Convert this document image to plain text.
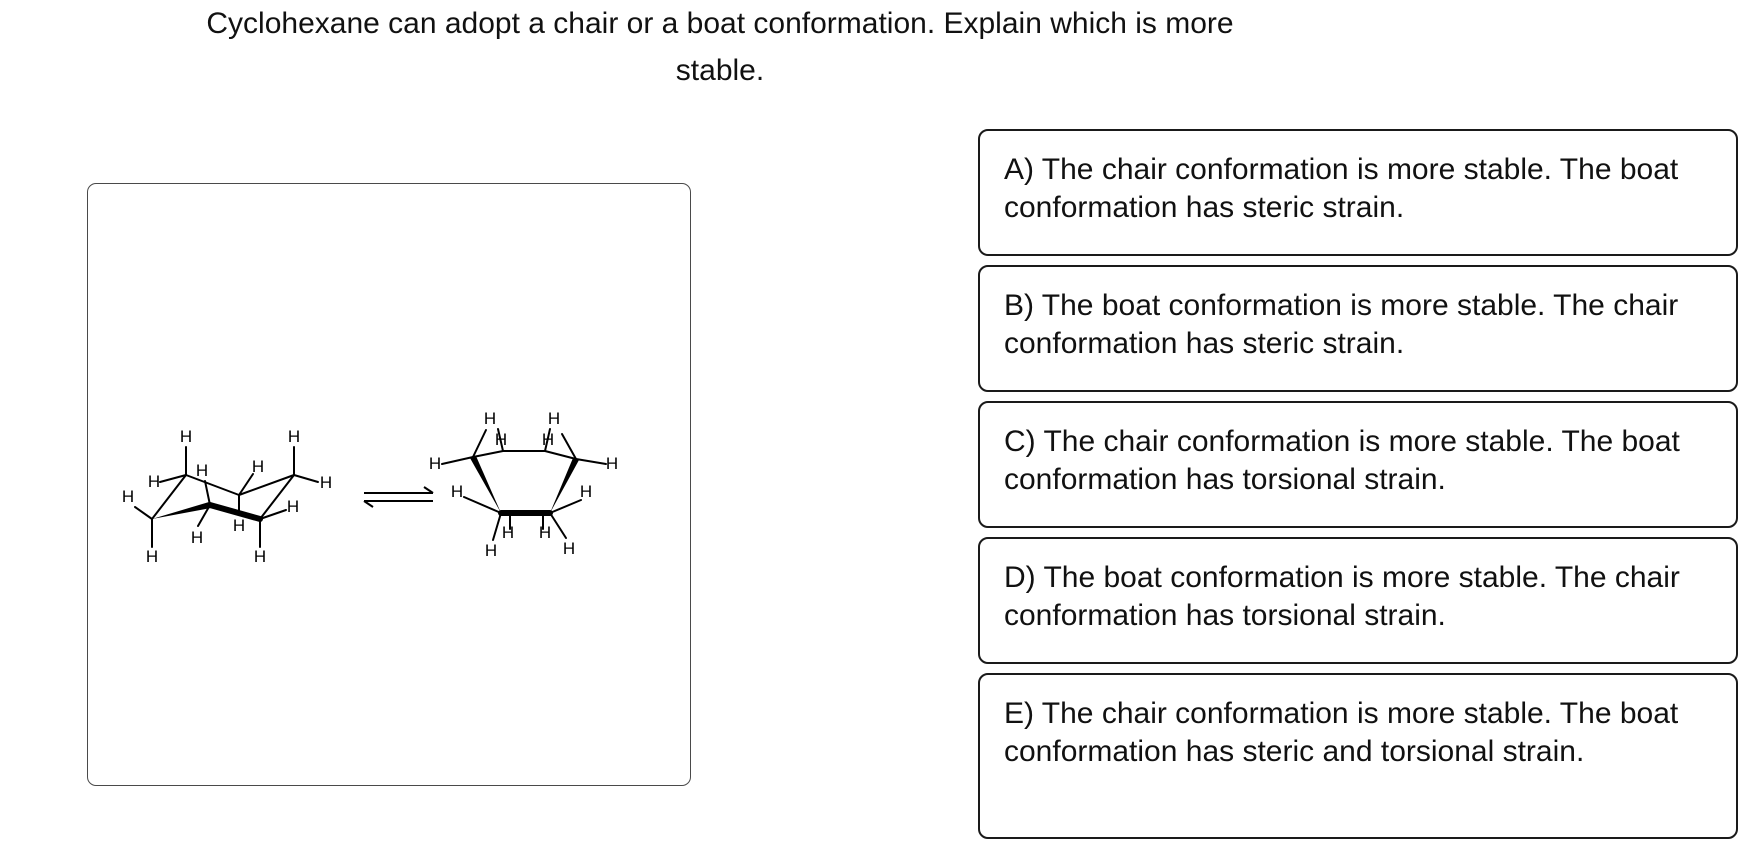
Cyclohexane can adopt a chair or a boat conformation. Explain which is more stable.

H
H
H
H
H
H	H
H
H
H
H
H
H	H
H	H
H H
H	H
H H
H	H
A) The chair conformation is more stable. The boat conformation has steric strain.
B) The boat conformation is more stable. The chair conformation has steric strain.
C) The chair conformation is more stable. The boat conformation has torsional strain.
D) The boat conformation is more stable. The chair conformation has torsional strain.
E) The chair conformation is more stable. The boat conformation has steric and torsional strain.
